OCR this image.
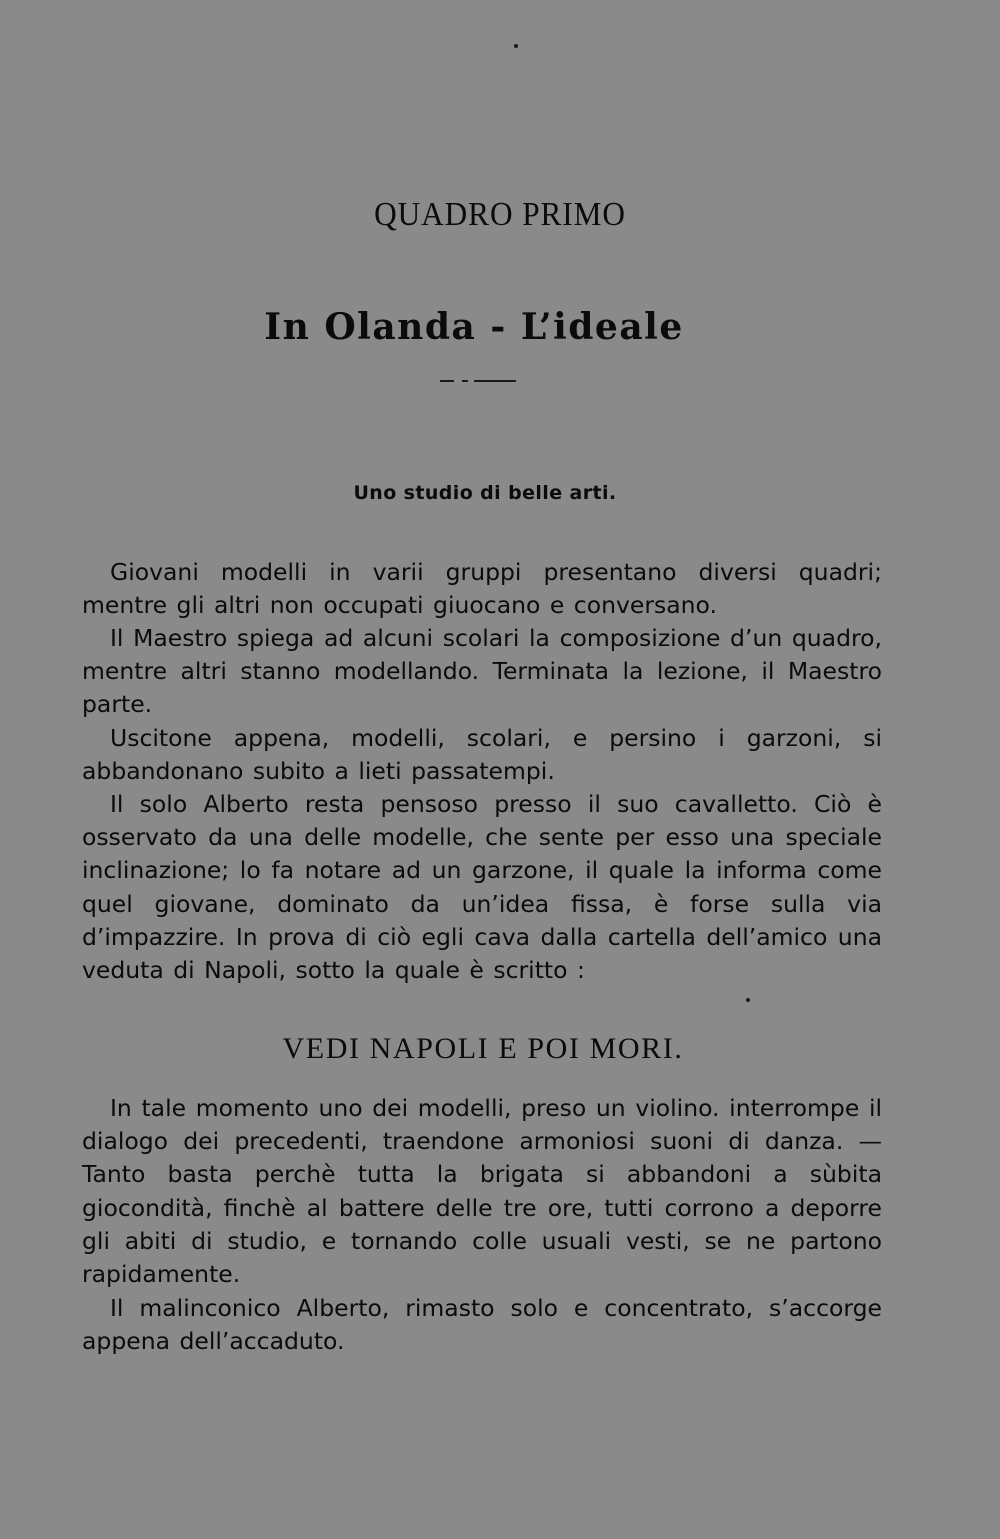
QUADRO PRIMO
In Olanda - L’ideale
Uno studio di belle arti.

Giovani modelli in varii gruppi presentano diversi quadri; mentre gli altri non occupati giuocano e conversano.

Il Maestro spiega ad alcuni scolari la composizione d’un quadro, mentre altri stanno modellando. Terminata la lezione, il Maestro parte.

Uscitone appena, modelli, scolari, e persino i garzoni, si abbandonano subito a lieti passatempi.

Il solo Alberto resta pensoso presso il suo cavalletto. Ciò è osservato da una delle modelle, che sente per esso una speciale inclinazione; lo fa notare ad un garzone, il quale la informa come quel giovane, dominato da un’idea fissa, è forse sulla via d’impazzire. In prova di ciò egli cava dalla cartella dell’amico una veduta di Napoli, sotto la quale è scritto :

VEDI NAPOLI E POI MORI.

In tale momento uno dei modelli, preso un violino. interrompe il dialogo dei precedenti, traendone armoniosi suoni di danza. — Tanto basta perchè tutta la brigata si abbandoni a sùbita giocondità, finchè al battere delle tre ore, tutti corrono a deporre gli abiti di studio, e tornando colle usuali vesti, se ne partono rapidamente.

Il malinconico Alberto, rimasto solo e concentrato, s’accorge appena dell’accaduto.
